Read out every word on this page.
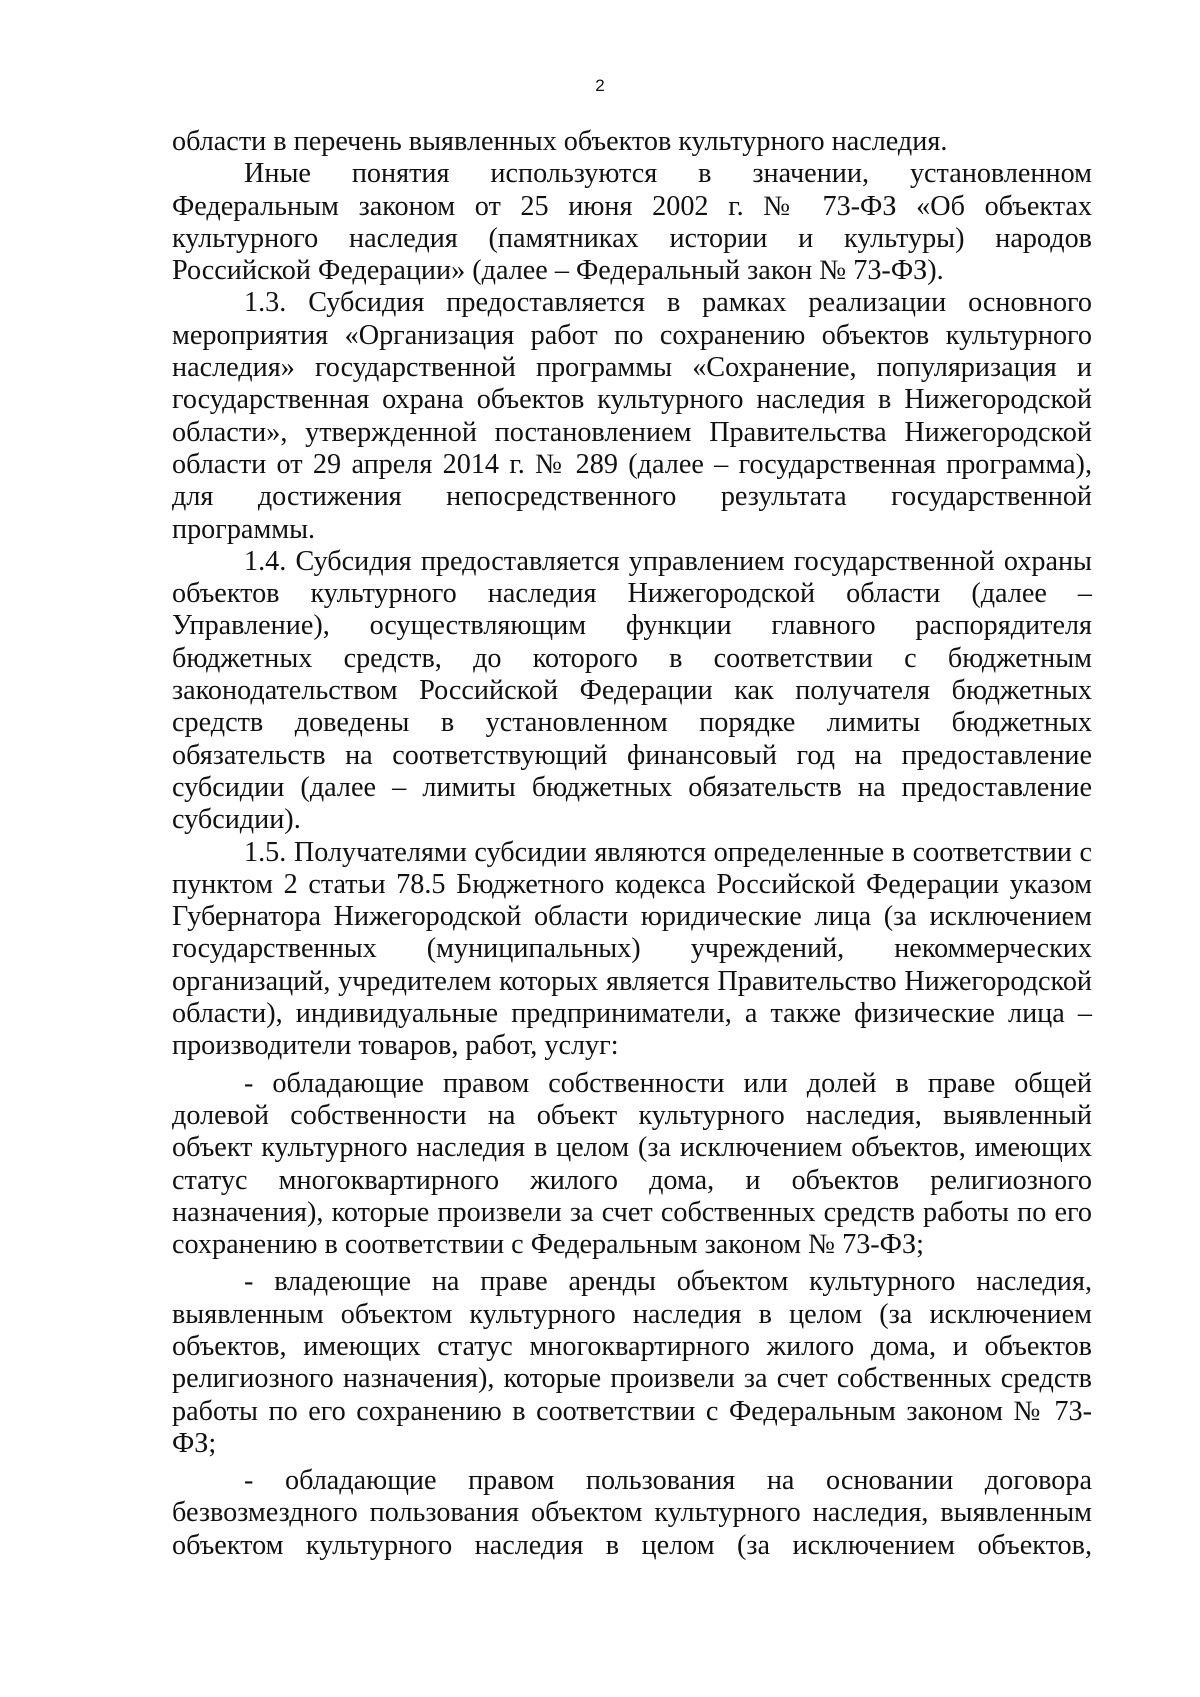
2

области в перечень выявленных объектов культурного наследия.

Иные понятия используются в значении, установленном Федеральным законом от 25 июня 2002 г. № 73-ФЗ «Об объектах культурного наследия (памятниках истории и культуры) народов Российской Федерации» (далее – Федеральный закон № 73-ФЗ).

1.3. Субсидия предоставляется в рамках реализации основного мероприятия «Организация работ по сохранению объектов культурного наследия» государственной программы «Сохранение, популяризация и государственная охрана объектов культурного наследия в Нижегородской области», утвержденной постановлением Правительства Нижегородской области от 29 апреля 2014 г. № 289 (далее – государственная программа), для достижения непосредственного результата государственной программы.

1.4. Субсидия предоставляется управлением государственной охраны объектов культурного наследия Нижегородской области (далее – Управление), осуществляющим функции главного распорядителя бюджетных средств, до которого в соответствии с бюджетным законодательством Российской Федерации как получателя бюджетных средств доведены в установленном порядке лимиты бюджетных обязательств на соответствующий финансовый год на предоставление субсидии (далее – лимиты бюджетных обязательств на предоставление субсидии).

1.5. Получателями субсидии являются определенные в соответствии с пунктом 2 статьи 78.5 Бюджетного кодекса Российской Федерации указом Губернатора Нижегородской области юридические лица (за исключением государственных (муниципальных) учреждений, некоммерческих организаций, учредителем которых является Правительство Нижегородской области), индивидуальные предприниматели, а также физические лица – производители товаров, работ, услуг:

- обладающие правом собственности или долей в праве общей долевой собственности на объект культурного наследия, выявленный объект культурного наследия в целом (за исключением объектов, имеющих статус многоквартирного жилого дома, и объектов религиозного назначения), которые произвели за счет собственных средств работы по его сохранению в соответствии с Федеральным законом № 73-ФЗ;

- владеющие на праве аренды объектом культурного наследия, выявленным объектом культурного наследия в целом (за исключением объектов, имеющих статус многоквартирного жилого дома, и объектов религиозного назначения), которые произвели за счет собственных средств работы по его сохранению в соответствии с Федеральным законом № 73-ФЗ;

- обладающие правом пользования на основании договора безвозмездного пользования объектом культурного наследия, выявленным объектом культурного наследия в целом (за исключением объектов,
